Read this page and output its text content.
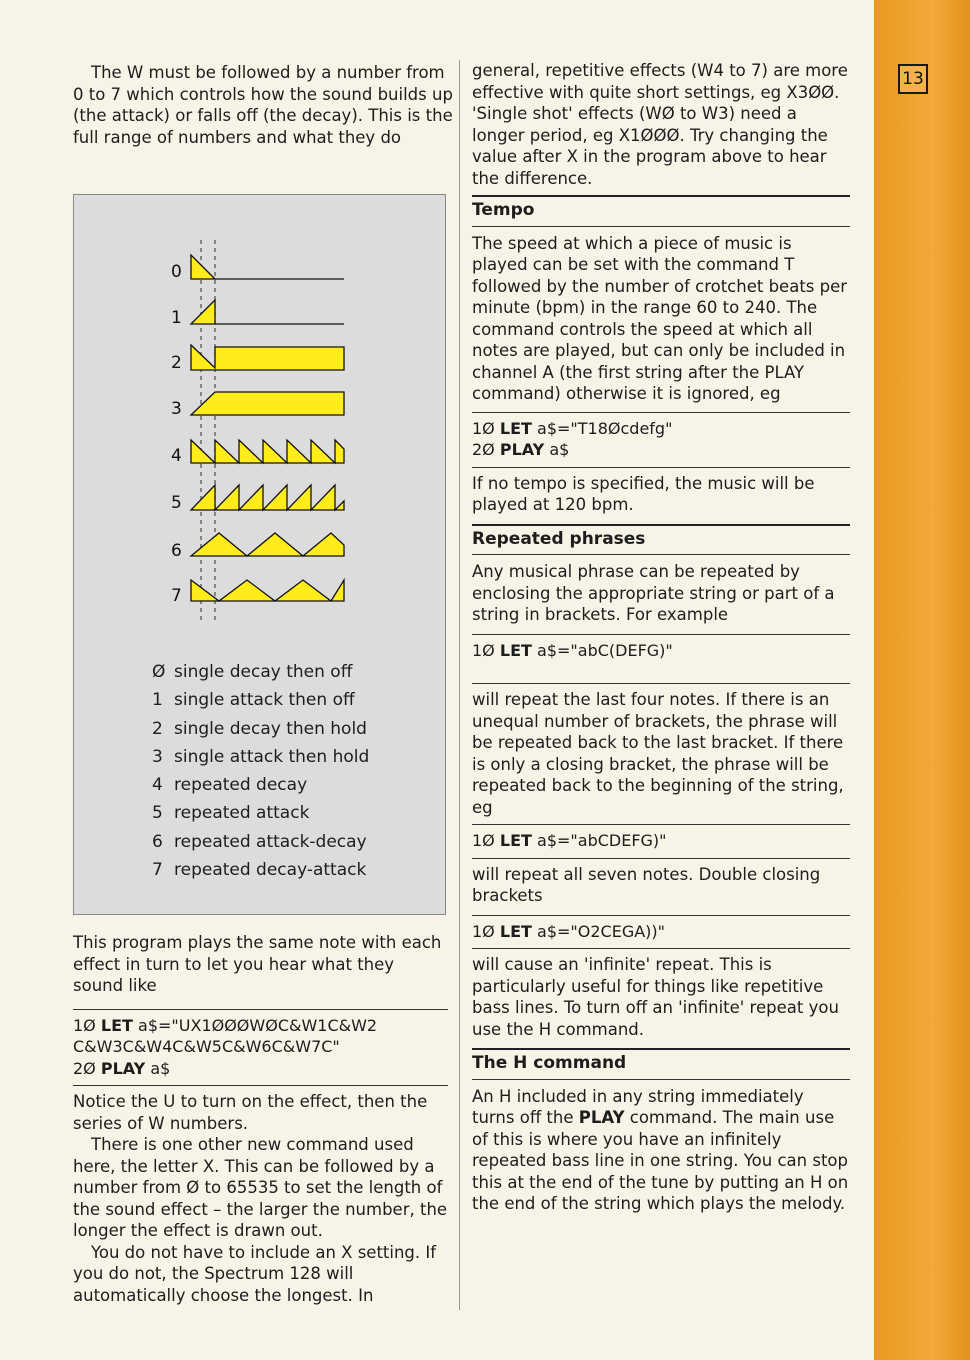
13

The W must be followed by a number from 0 to 7 which controls how the sound builds up (the attack) or falls off (the decay). This is the full range of numbers and what they do

0
1
2
3
4
5
6
7
Ø single decay then off
1 single attack then off
2 single decay then hold
3 single attack then hold
4 repeated decay
5 repeated attack
6 repeated attack-decay
7 repeated decay-attack

This program plays the same note with each effect in turn to let you hear what they sound like

1Ø LET a$="UX1ØØØWØC&W1C&W2 C&W3C&W4C&W5C&W6C&W7C"
2Ø PLAY a$

Notice the U to turn on the effect, then the series of W numbers.

There is one other new command used here, the letter X. This can be followed by a number from Ø to 65535 to set the length of the sound effect – the larger the number, the longer the effect is drawn out.

You do not have to include an X setting. If you do not, the Spectrum 128 will automatically choose the longest. In

general, repetitive effects (W4 to 7) are more effective with quite short settings, eg X3ØØ. 'Single shot' effects (WØ to W3) need a longer period, eg X1ØØØ. Try changing the value after X in the program above to hear the difference.

Tempo

The speed at which a piece of music is played can be set with the command T followed by the number of crotchet beats per minute (bpm) in the range 60 to 240. The command controls the speed at which all notes are played, but can only be included in channel A (the first string after the PLAY command) otherwise it is ignored, eg

1Ø LET a$="T18Øcdefg"
2Ø PLAY a$

If no tempo is specified, the music will be played at 120 bpm.

Repeated phrases

Any musical phrase can be repeated by enclosing the appropriate string or part of a string in brackets. For example

1Ø LET a$="abC(DEFG)"

will repeat the last four notes. If there is an unequal number of brackets, the phrase will be repeated back to the last bracket. If there is only a closing bracket, the phrase will be repeated back to the beginning of the string, eg

1Ø LET a$="abCDEFG)"

will repeat all seven notes. Double closing brackets

1Ø LET a$="O2CEGA))"

will cause an 'infinite' repeat. This is particularly useful for things like repetitive bass lines. To turn off an 'infinite' repeat you use the H command.

The H command

An H included in any string immediately turns off the PLAY command. The main use of this is where you have an infinitely repeated bass line in one string. You can stop this at the end of the tune by putting an H on the end of the string which plays the melody.
